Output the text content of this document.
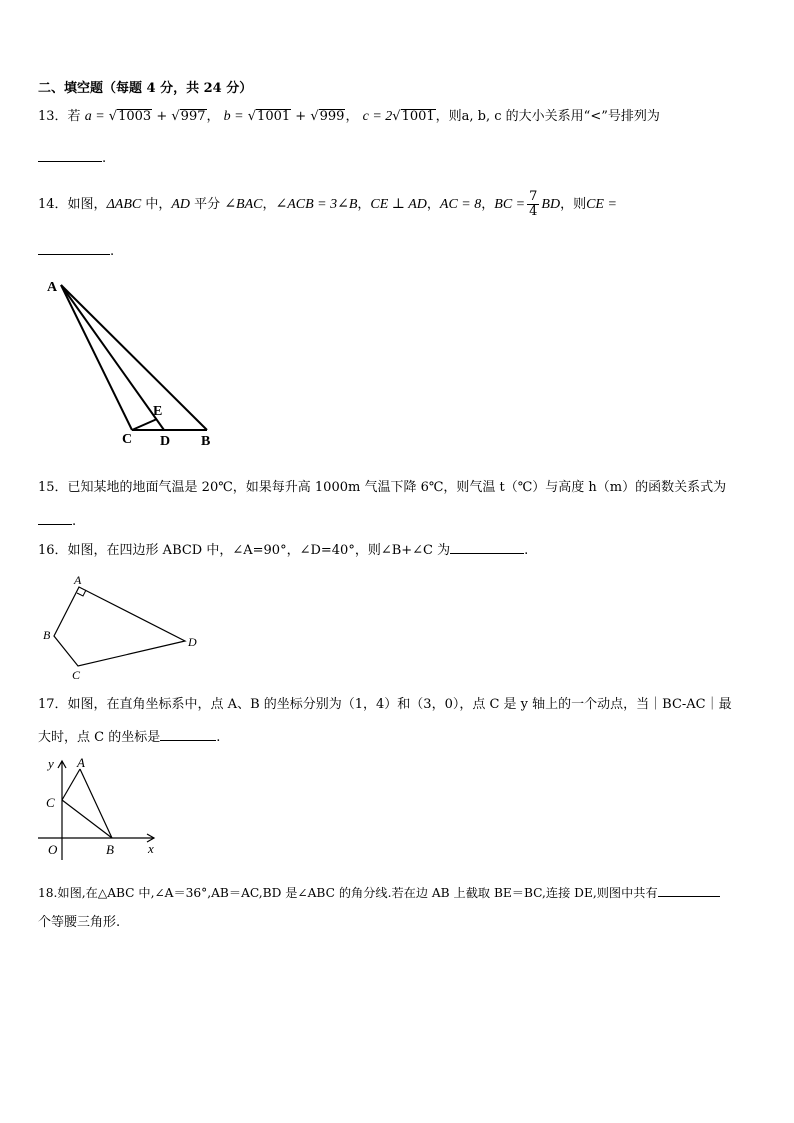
二、填空题（每题 4 分，共 24 分）
13．若 a = √1003 + √997， b = √1001 + √999， c = 2√1001，则a, b, c 的大小关系用“<”号排列为
.
14．如图，ΔABC 中，AD 平分 ∠BAC，∠ACB = 3∠B，CE ⊥ AD，AC = 8，BC = $\frac{7}{4}$ BD，则CE =
.
A
E
C D B
15．已知某地的地面气温是 20℃，如果每升高 1000m 气温下降 6℃，则气温 t（℃）与高度 h（m）的函数关系式为
.
16．如图，在四边形 ABCD 中，∠A=90°，∠D=40°，则∠B+∠C 为	.
A
B
C
D
17．如图，在直角坐标系中，点 A、B 的坐标分别为（1，4）和（3，0），点 C 是 y 轴上的一个动点，当｜BC-AC｜最
大时，点 C 的坐标是	.
y A
C
O	B	x
18.如图,在△ABC 中,∠A＝36°,AB＝AC,BD 是∠ABC 的角分线.若在边 AB 上截取 BE＝BC,连接 DE,则图中共有
个等腰三角形.
